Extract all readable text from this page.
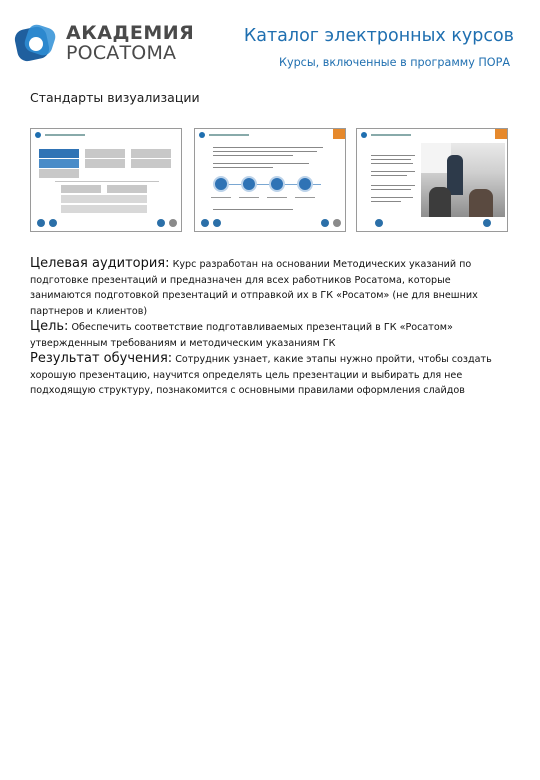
АКАДЕМИЯ
РОСАТОМА
Каталог электронных курсов
Курсы, включенные в программу ПОРА
Стандарты визуализации

Целевая аудитория: Курс разработан на основании Методических указаний по подготовке презентаций и предназначен для всех работников Росатома, которые занимаются подготовкой презентаций и отправкой их в ГК «Росатом» (не для внешних партнеров и клиентов)

Цель: Обеспечить соответствие подготавливаемых презентаций в ГК «Росатом» утвержденным требованиям и методическим указаниям ГК

Результат обучения: Сотрудник узнает, какие этапы нужно пройти, чтобы создать хорошую презентацию, научится определять цель презентации и выбирать для нее подходящую структуру, познакомится с основными правилами оформления слайдов
